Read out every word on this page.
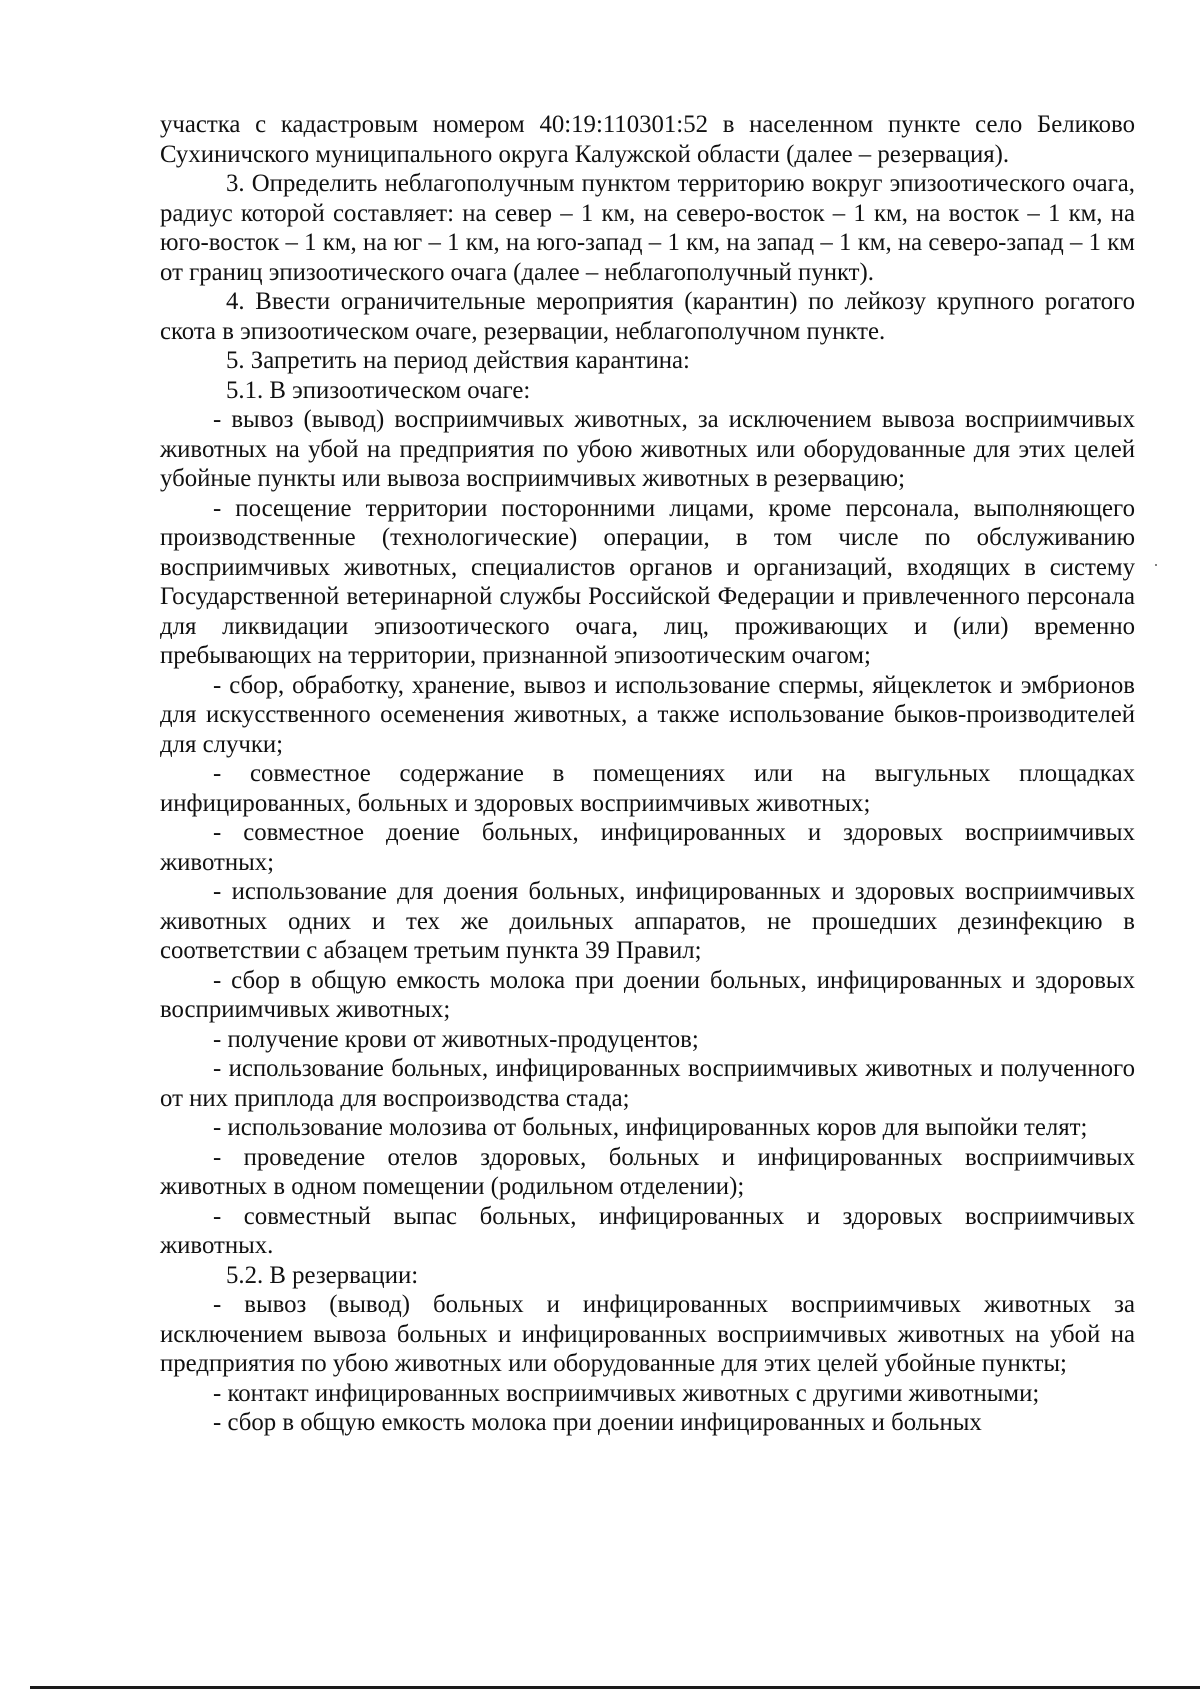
участка с кадастровым номером 40:19:110301:52 в населенном пункте село Беликово Сухиничского муниципального округа Калужской области (далее – резервация).

3. Определить неблагополучным пунктом территорию вокруг эпизоотического очага, радиус которой составляет: на север – 1 км, на северо-восток – 1 км, на восток – 1 км, на юго-восток – 1 км, на юг – 1 км, на юго-запад – 1 км, на запад – 1 км, на северо-запад – 1 км от границ эпизоотического очага (далее – неблагополучный пункт).

4. Ввести ограничительные мероприятия (карантин) по лейкозу крупного рогатого скота в эпизоотическом очаге, резервации, неблагополучном пункте.

5. Запретить на период действия карантина:

5.1. В эпизоотическом очаге:

- вывоз (вывод) восприимчивых животных, за исключением вывоза восприимчивых животных на убой на предприятия по убою животных или оборудованные для этих целей убойные пункты или вывоза восприимчивых животных в резервацию;

- посещение территории посторонними лицами, кроме персонала, выполняющего производственные (технологические) операции, в том числе по обслуживанию восприимчивых животных, специалистов органов и организаций, входящих в систему Государственной ветеринарной службы Российской Федерации и привлеченного персонала для ликвидации эпизоотического очага, лиц, проживающих и (или) временно пребывающих на территории, признанной эпизоотическим очагом;

- сбор, обработку, хранение, вывоз и использование спермы, яйцеклеток и эмбрионов для искусственного осеменения животных, а также использование быков-производителей для случки;

- совместное содержание в помещениях или на выгульных площадках инфицированных, больных и здоровых восприимчивых животных;

- совместное доение больных, инфицированных и здоровых восприимчивых животных;

- использование для доения больных, инфицированных и здоровых восприимчивых животных одних и тех же доильных аппаратов, не прошедших дезинфекцию в соответствии с абзацем третьим пункта 39 Правил;

- сбор в общую емкость молока при доении больных, инфицированных и здоровых восприимчивых животных;

- получение крови от животных-продуцентов;

- использование больных, инфицированных восприимчивых животных и полученного от них приплода для воспроизводства стада;

- использование молозива от больных, инфицированных коров для выпойки телят;

- проведение отелов здоровых, больных и инфицированных восприимчивых животных в одном помещении (родильном отделении);

- совместный выпас больных, инфицированных и здоровых восприимчивых животных.

5.2. В резервации:

- вывоз (вывод) больных и инфицированных восприимчивых животных за исключением вывоза больных и инфицированных восприимчивых животных на убой на предприятия по убою животных или оборудованные для этих целей убойные пункты;

- контакт инфицированных восприимчивых животных с другими животными;

- сбор в общую емкость молока при доении инфицированных и больных
